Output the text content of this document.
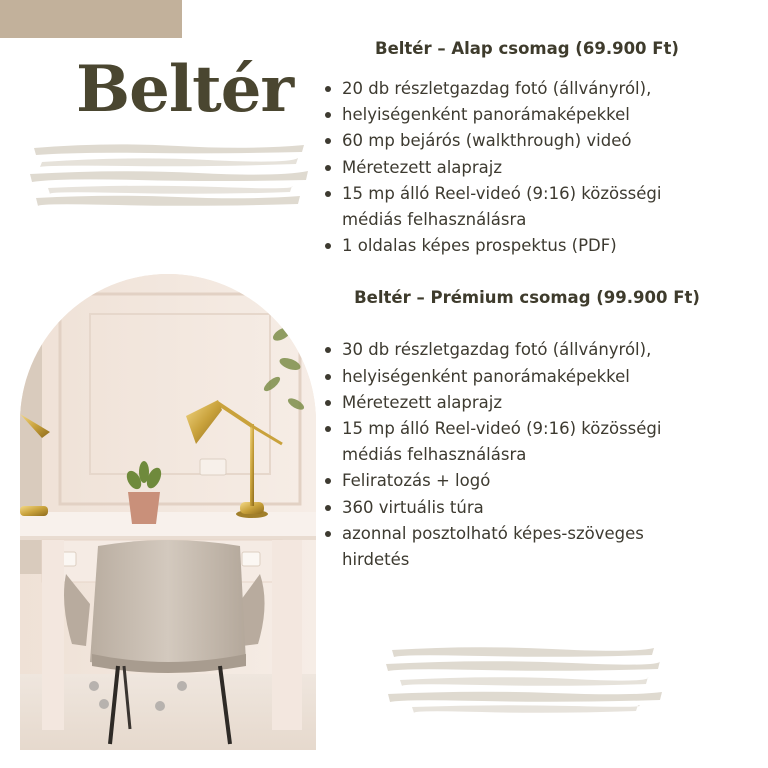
Beltér
Beltér – Alap csomag (69.900 Ft)
20 db részletgazdag fotó (állványról),
helyiségenként panorámaképekkel
60 mp bejárós (walkthrough) videó
Méretezett alaprajz
15 mp álló Reel-videó (9:16) közösségi
médiás felhasználásra
1 oldalas képes prospektus (PDF)
Beltér – Prémium csomag (99.900 Ft)
30 db részletgazdag fotó (állványról),
helyiségenként panorámaképekkel
Méretezett alaprajz
15 mp álló Reel-videó (9:16) közösségi
médiás felhasználásra
Feliratozás + logó
360 virtuális túra
azonnal posztolható képes-szöveges
hirdetés
